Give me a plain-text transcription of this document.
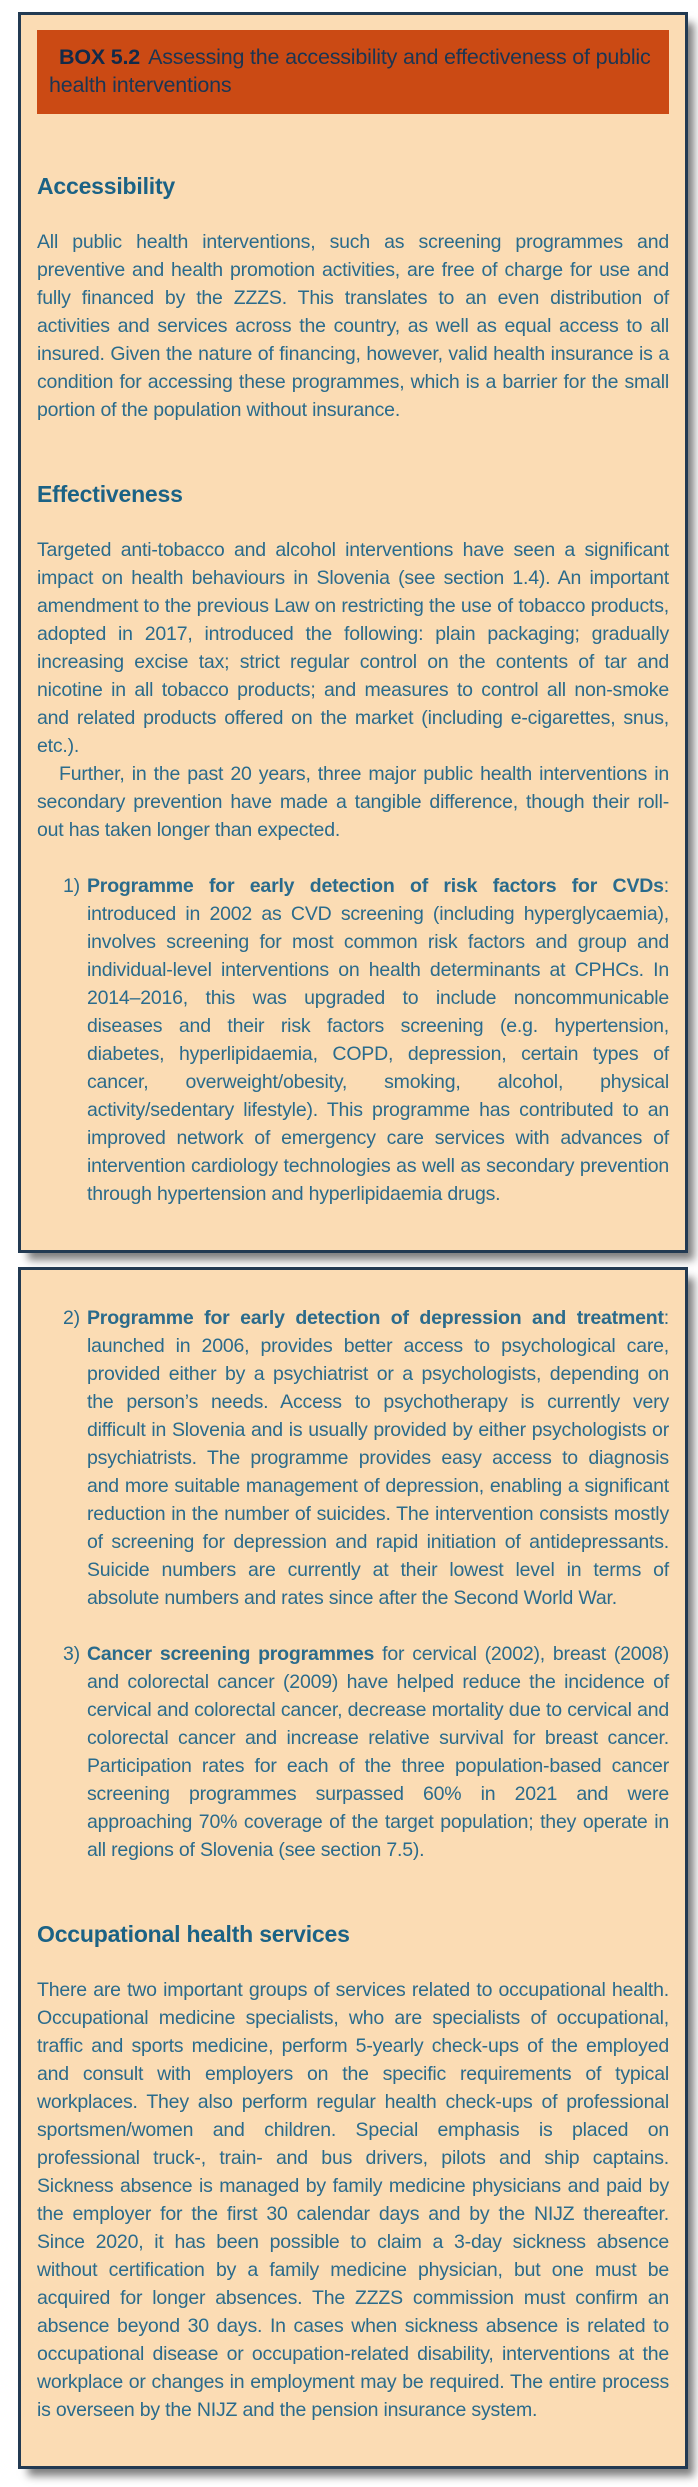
BOX 5.2 Assessing the accessibility and effectiveness of public health interventions
Accessibility

All public health interventions, such as screening programmes and preventive and health promotion activities, are free of charge for use and fully financed by the ZZZS. This translates to an even distribution of activities and services across the country, as well as equal access to all insured. Given the nature of financing, however, valid health insurance is a condition for accessing these programmes, which is a barrier for the small portion of the population without insurance.

Effectiveness

Targeted anti-tobacco and alcohol interventions have seen a significant impact on health behaviours in Slovenia (see section 1.4). An important amendment to the previous Law on restricting the use of tobacco products, adopted in 2017, introduced the following: plain packaging; gradually increasing excise tax; strict regular control on the contents of tar and nicotine in all tobacco products; and measures to control all non-smoke and related products offered on the market (including e-cigarettes, snus, etc.).

Further, in the past 20 years, three major public health interventions in secondary prevention have made a tangible difference, though their roll-out has taken longer than expected.

1) Programme for early detection of risk factors for CVDs: introduced in 2002 as CVD screening (including hyperglycaemia), involves screening for most common risk factors and group and individual-level interventions on health determinants at CPHCs. In 2014–2016, this was upgraded to include noncommunicable diseases and their risk factors screening (e.g. hypertension, diabetes, hyperlipidaemia, COPD, depression, certain types of cancer, overweight/obesity, smoking, alcohol, physical activity/sedentary lifestyle). This programme has contributed to an improved network of emergency care services with advances of intervention cardiology technologies as well as secondary prevention through hypertension and hyperlipidaemia drugs.
2) Programme for early detection of depression and treatment: launched in 2006, provides better access to psychological care, provided either by a psychiatrist or a psychologists, depending on the person’s needs. Access to psychotherapy is currently very difficult in Slovenia and is usually provided by either psychologists or psychiatrists. The programme provides easy access to diagnosis and more suitable management of depression, enabling a significant reduction in the number of suicides. The intervention consists mostly of screening for depression and rapid initiation of antidepressants. Suicide numbers are currently at their lowest level in terms of absolute numbers and rates since after the Second World War.
3) Cancer screening programmes for cervical (2002), breast (2008) and colorectal cancer (2009) have helped reduce the incidence of cervical and colorectal cancer, decrease mortality due to cervical and colorectal cancer and increase relative survival for breast cancer. Participation rates for each of the three population-based cancer screening programmes surpassed 60% in 2021 and were approaching 70% coverage of the target population; they operate in all regions of Slovenia (see section 7.5).
Occupational health services

There are two important groups of services related to occupational health. Occupational medicine specialists, who are specialists of occupational, traffic and sports medicine, perform 5-yearly check-ups of the employed and consult with employers on the specific requirements of typical workplaces. They also perform regular health check-ups of professional sportsmen/women and children. Special emphasis is placed on professional truck-, train- and bus drivers, pilots and ship captains. Sickness absence is managed by family medicine physicians and paid by the employer for the first 30 calendar days and by the NIJZ thereafter. Since 2020, it has been possible to claim a 3-day sickness absence without certification by a family medicine physician, but one must be acquired for longer absences. The ZZZS commission must confirm an absence beyond 30 days. In cases when sickness absence is related to occupational disease or occupation-related disability, interventions at the workplace or changes in employment may be required. The entire process is overseen by the NIJZ and the pension insurance system.
